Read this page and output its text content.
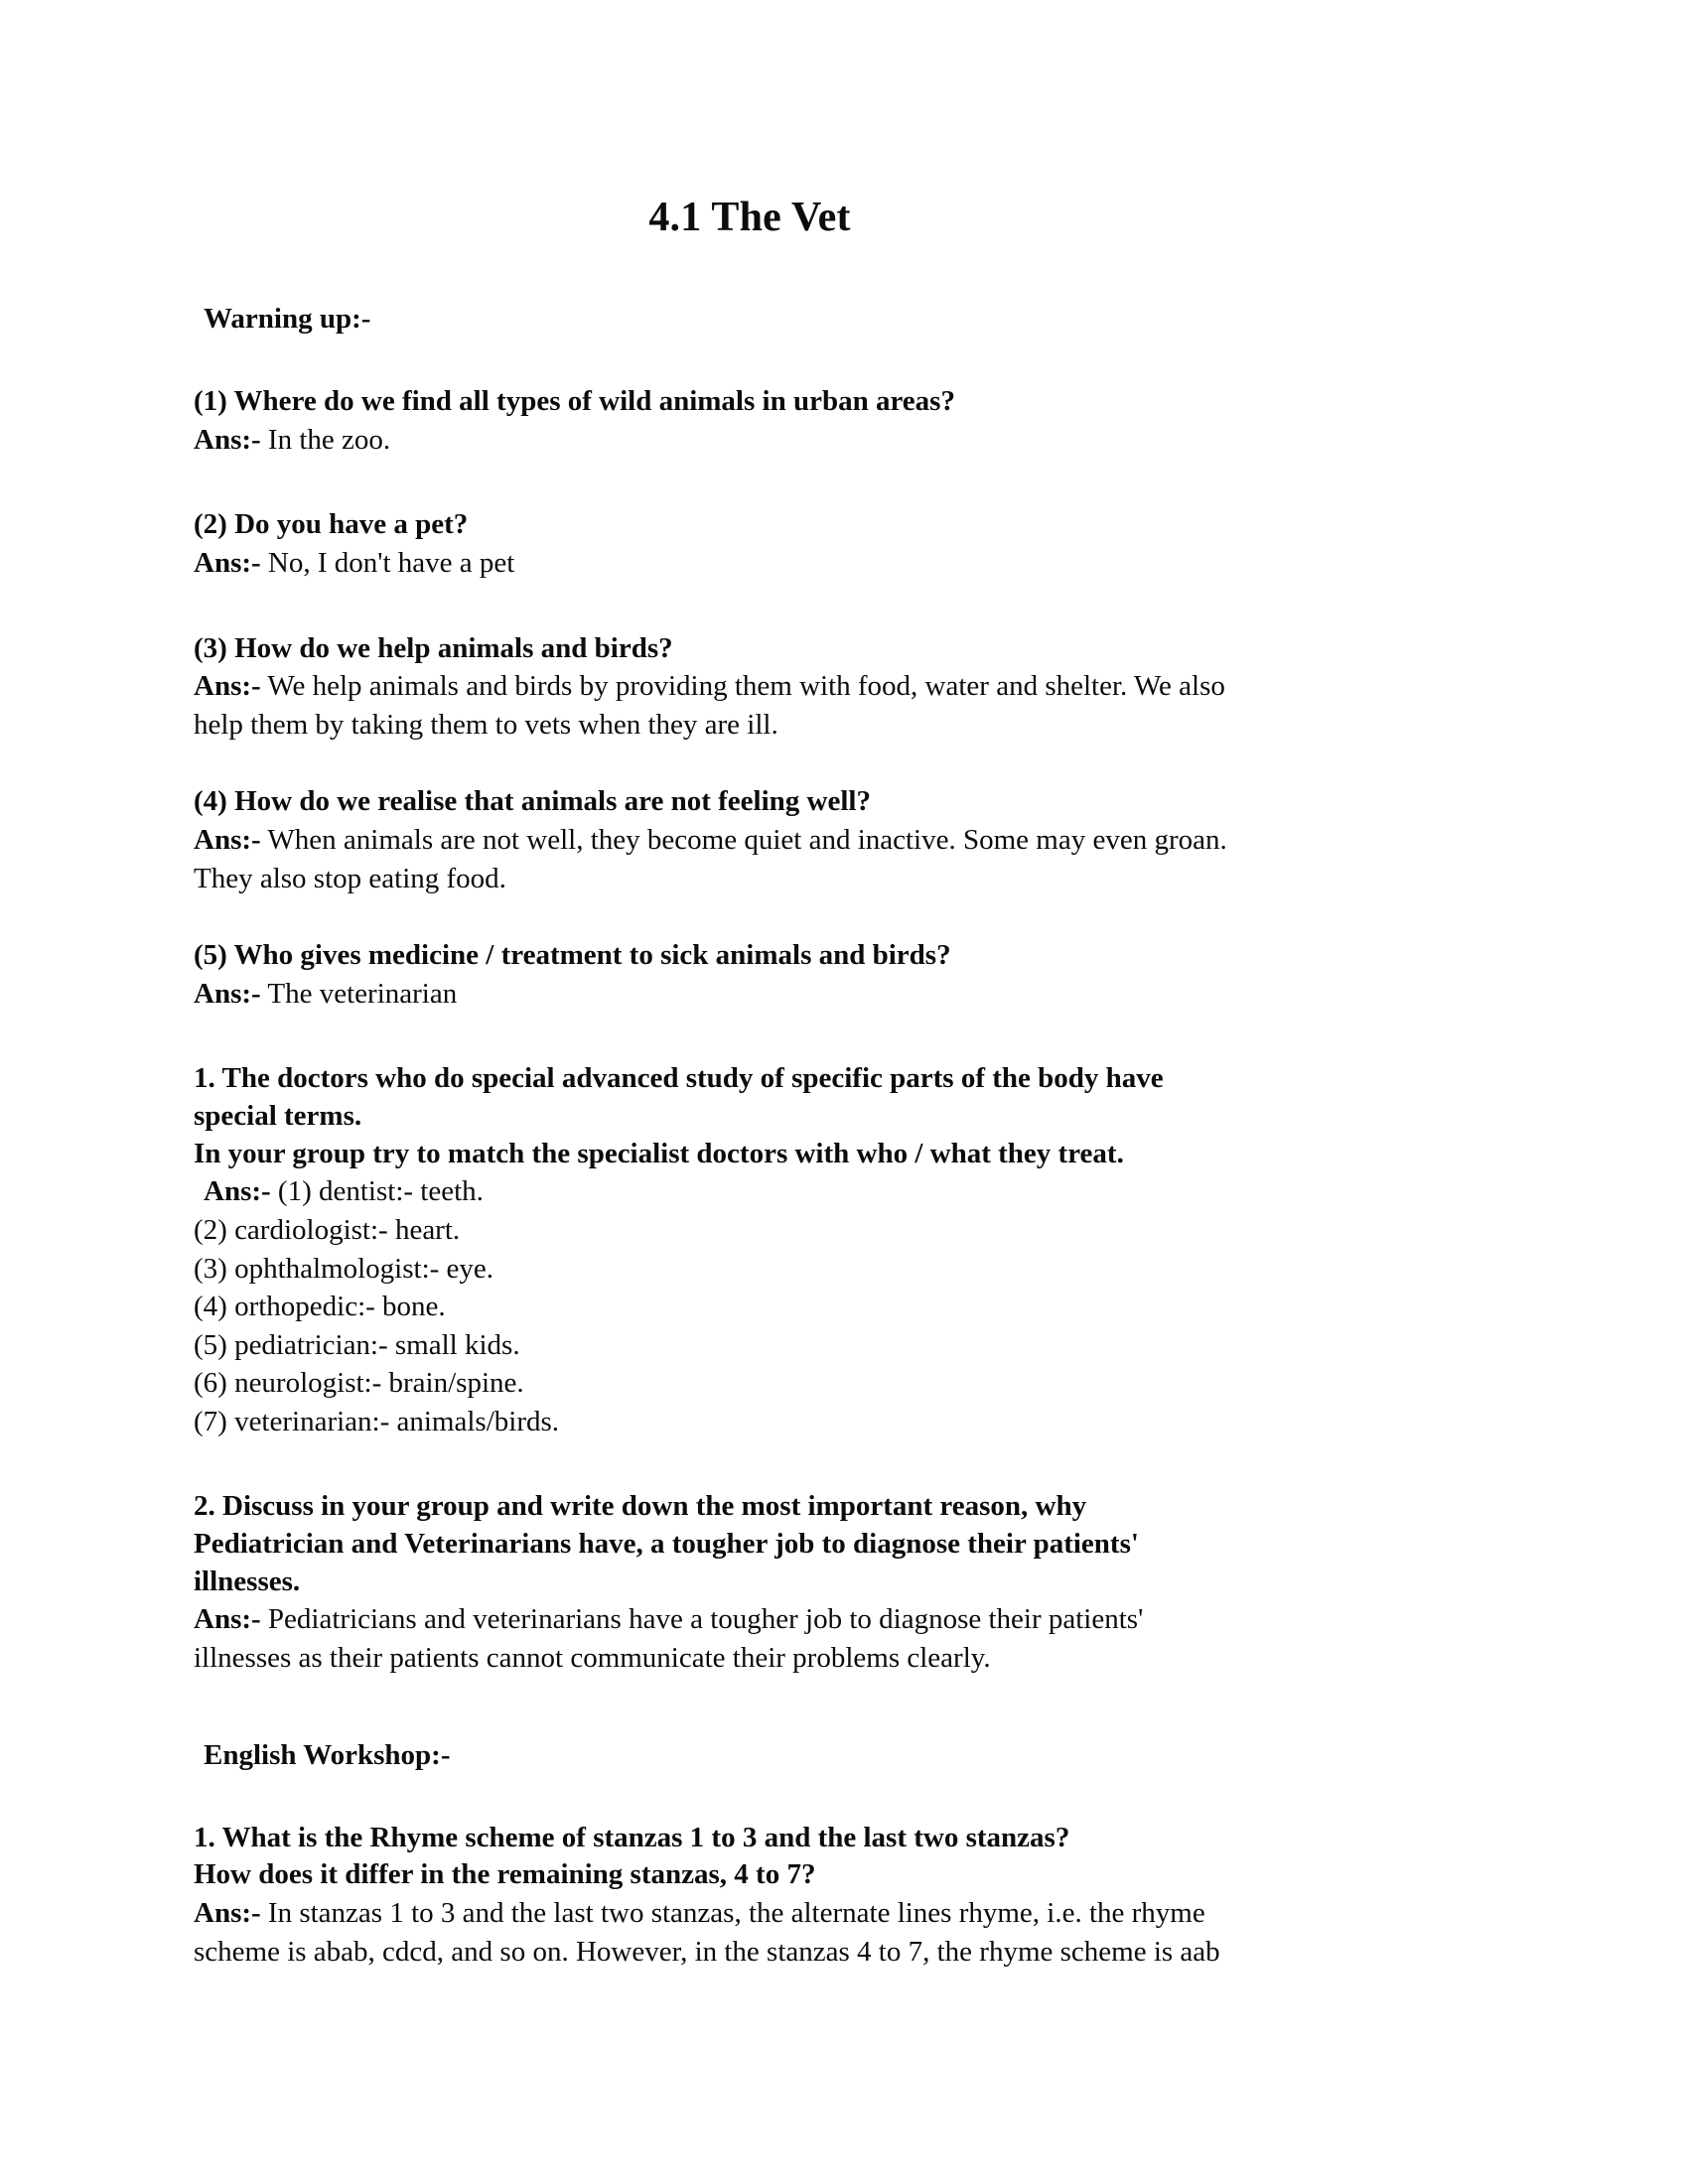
4.1 The Vet
Warning up:-
(1) Where do we find all types of wild animals in urban areas?
Ans:- In the zoo.
(2) Do you have a pet?
Ans:- No, I don't have a pet
(3) How do we help animals and birds?
Ans:- We help animals and birds by providing them with food, water and shelter. We also
help them by taking them to vets when they are ill.
(4) How do we realise that animals are not feeling well?
Ans:- When animals are not well, they become quiet and inactive. Some may even groan.
They also stop eating food.
(5) Who gives medicine / treatment to sick animals and birds?
Ans:- The veterinarian
1. The doctors who do special advanced study of specific parts of the body have
special terms.
In your group try to match the specialist doctors with who / what they treat.
Ans:- (1) dentist:- teeth.
(2) cardiologist:- heart.
(3) ophthalmologist:- eye.
(4) orthopedic:- bone.
(5) pediatrician:- small kids.
(6) neurologist:- brain/spine.
(7) veterinarian:- animals/birds.
2. Discuss in your group and write down the most important reason, why
Pediatrician and Veterinarians have, a tougher job to diagnose their patients'
illnesses.
Ans:- Pediatricians and veterinarians have a tougher job to diagnose their patients'
illnesses as their patients cannot communicate their problems clearly.
English Workshop:-
1. What is the Rhyme scheme of stanzas 1 to 3 and the last two stanzas?
How does it differ in the remaining stanzas, 4 to 7?
Ans:- In stanzas 1 to 3 and the last two stanzas, the alternate lines rhyme, i.e. the rhyme
scheme is abab, cdcd, and so on. However, in the stanzas 4 to 7, the rhyme scheme is aab
